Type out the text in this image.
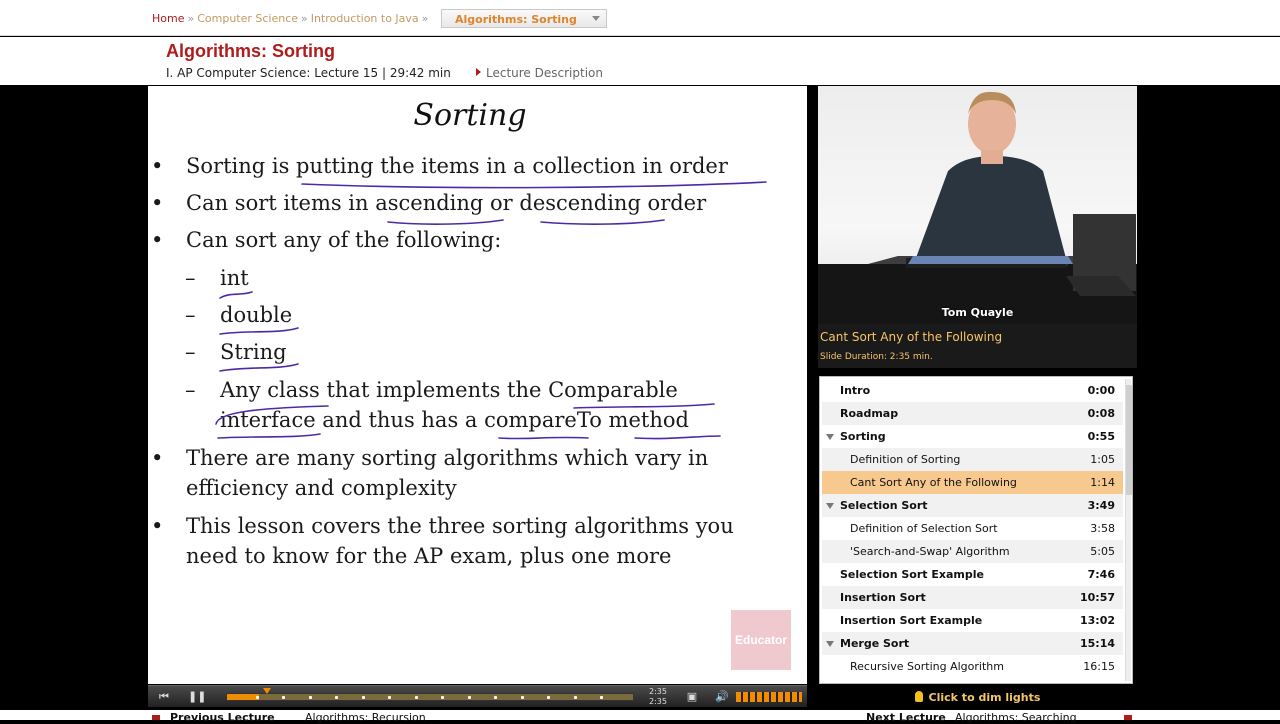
Home » Computer Science » Introduction to Java » Algorithms: Sorting
Algorithms: Sorting
I. AP Computer Science: Lecture 15 | 29:42 min	Lecture Description
Sorting
• Sorting is putting the items in a collection in order
• Can sort items in ascending or descending order
• Can sort any of the following:
– int
– double
– String
– Any class that implements the Comparable
interface and thus has a compareTo method
• There are many sorting algorithms which vary in
efficiency and complexity
• This lesson covers the three sorting algorithms you
need to know for the AP exam, plus one more
Educator
⏮ ❚❚	2:35
2:35 ▣ 🔊
Tom Quayle
Cant Sort Any of the Following
Slide Duration: 2:35 min.
Intro	0:00
Roadmap	0:08
Sorting	0:55
Definition of Sorting	1:05
Cant Sort Any of the Following	1:14
Selection Sort	3:49
Definition of Selection Sort	3:58
'Search-and-Swap' Algorithm	5:05
Selection Sort Example	7:46
Insertion Sort	10:57
Insertion Sort Example	13:02
Merge Sort	15:14
Recursive Sorting Algorithm	16:15
Click to dim lights
Previous Lecture	Algorithms: Recursion	Next Lecture Algorithms: Searching
